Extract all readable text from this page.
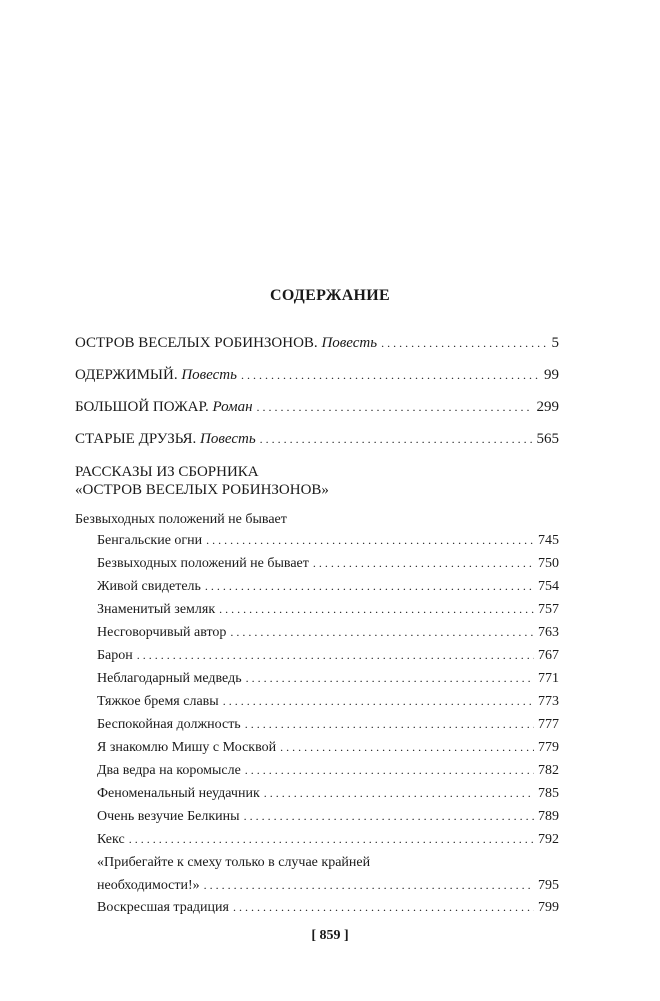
СОДЕРЖАНИЕ
ОСТРОВ ВЕСЕЛЫХ РОБИНЗОНОВ. Повесть . . .	5
ОДЕРЖИМЫЙ. Повесть . . .	99
БОЛЬШОЙ ПОЖАР. Роман . . .	299
СТАРЫЕ ДРУЗЬЯ. Повесть . . .	565
РАССКАЗЫ ИЗ СБОРНИКА
«ОСТРОВ ВЕСЕЛЫХ РОБИНЗОНОВ»
Безвыходных положений не бывает
Бенгальские огни . . .	745
Безвыходных положений не бывает . . .	750
Живой свидетель . . .	754
Знаменитый земляк . . .	757
Несговорчивый автор . . .	763
Барон . . .	767
Неблагодарный медведь . . .	771
Тяжкое бремя славы . . .	773
Беспокойная должность . . .	777
Я знакомлю Мишу с Москвой . . .	779
Два ведра на коромысле . . .	782
Феноменальный неудачник . . .	785
Очень везучие Белкины . . .	789
Кекс . . .	792
«Прибегайте к смеху только в случае крайней
необходимости!» . . .	795
Воскресшая традиция . . .	799
[ 859 ]
